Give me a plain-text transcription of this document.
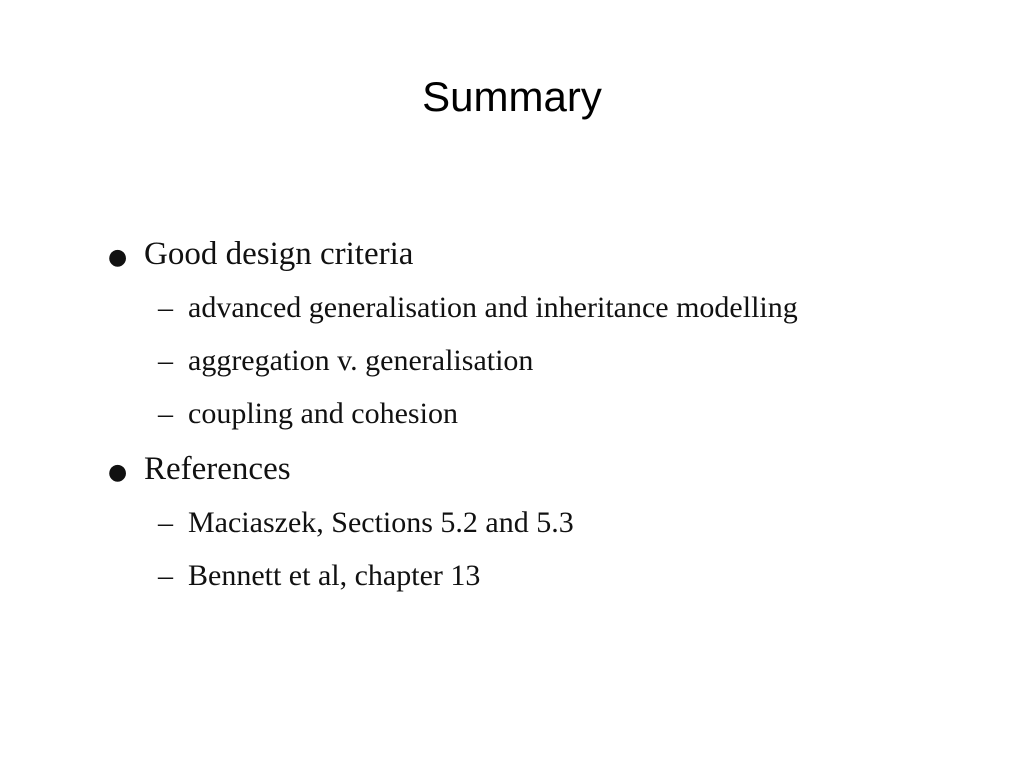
Summary
● Good design criteria
– advanced generalisation and inheritance modelling
– aggregation v. generalisation
– coupling and cohesion
● References
– Maciaszek, Sections 5.2 and 5.3
– Bennett et al, chapter 13
